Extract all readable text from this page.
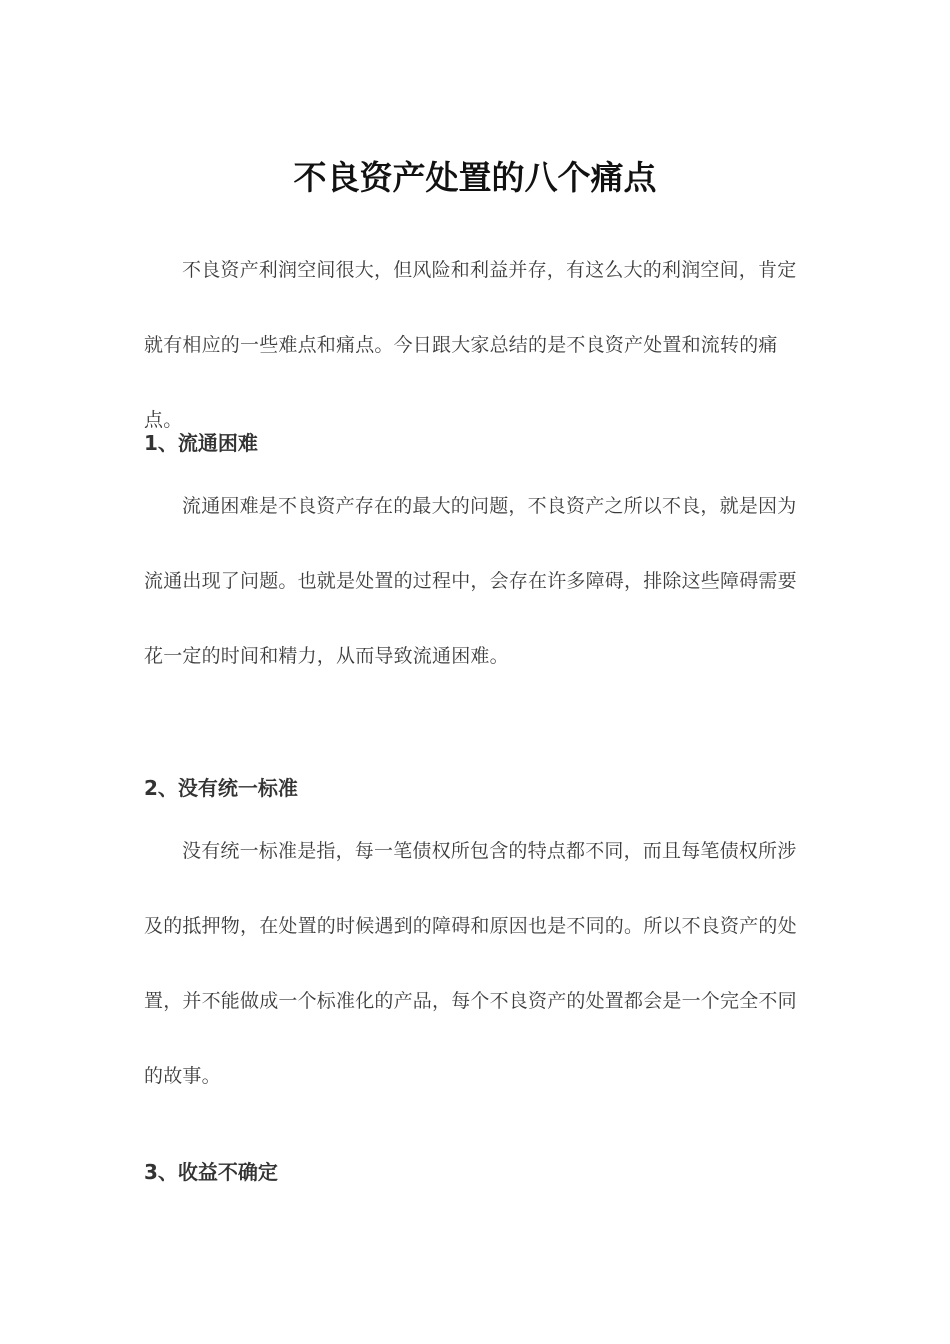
不良资产处置的八个痛点

不良资产利润空间很大，但风险和利益并存，有这么大的利润空间，肯定就有相应的一些难点和痛点。今日跟大家总结的是不良资产处置和流转的痛点。

1、流通困难

流通困难是不良资产存在的最大的问题，不良资产之所以不良，就是因为流通出现了问题。也就是处置的过程中，会存在许多障碍，排除这些障碍需要花一定的时间和精力，从而导致流通困难。

2、没有统一标准

没有统一标准是指，每一笔债权所包含的特点都不同，而且每笔债权所涉及的抵押物，在处置的时候遇到的障碍和原因也是不同的。所以不良资产的处置，并不能做成一个标准化的产品，每个不良资产的处置都会是一个完全不同的故事。

3、收益不确定
